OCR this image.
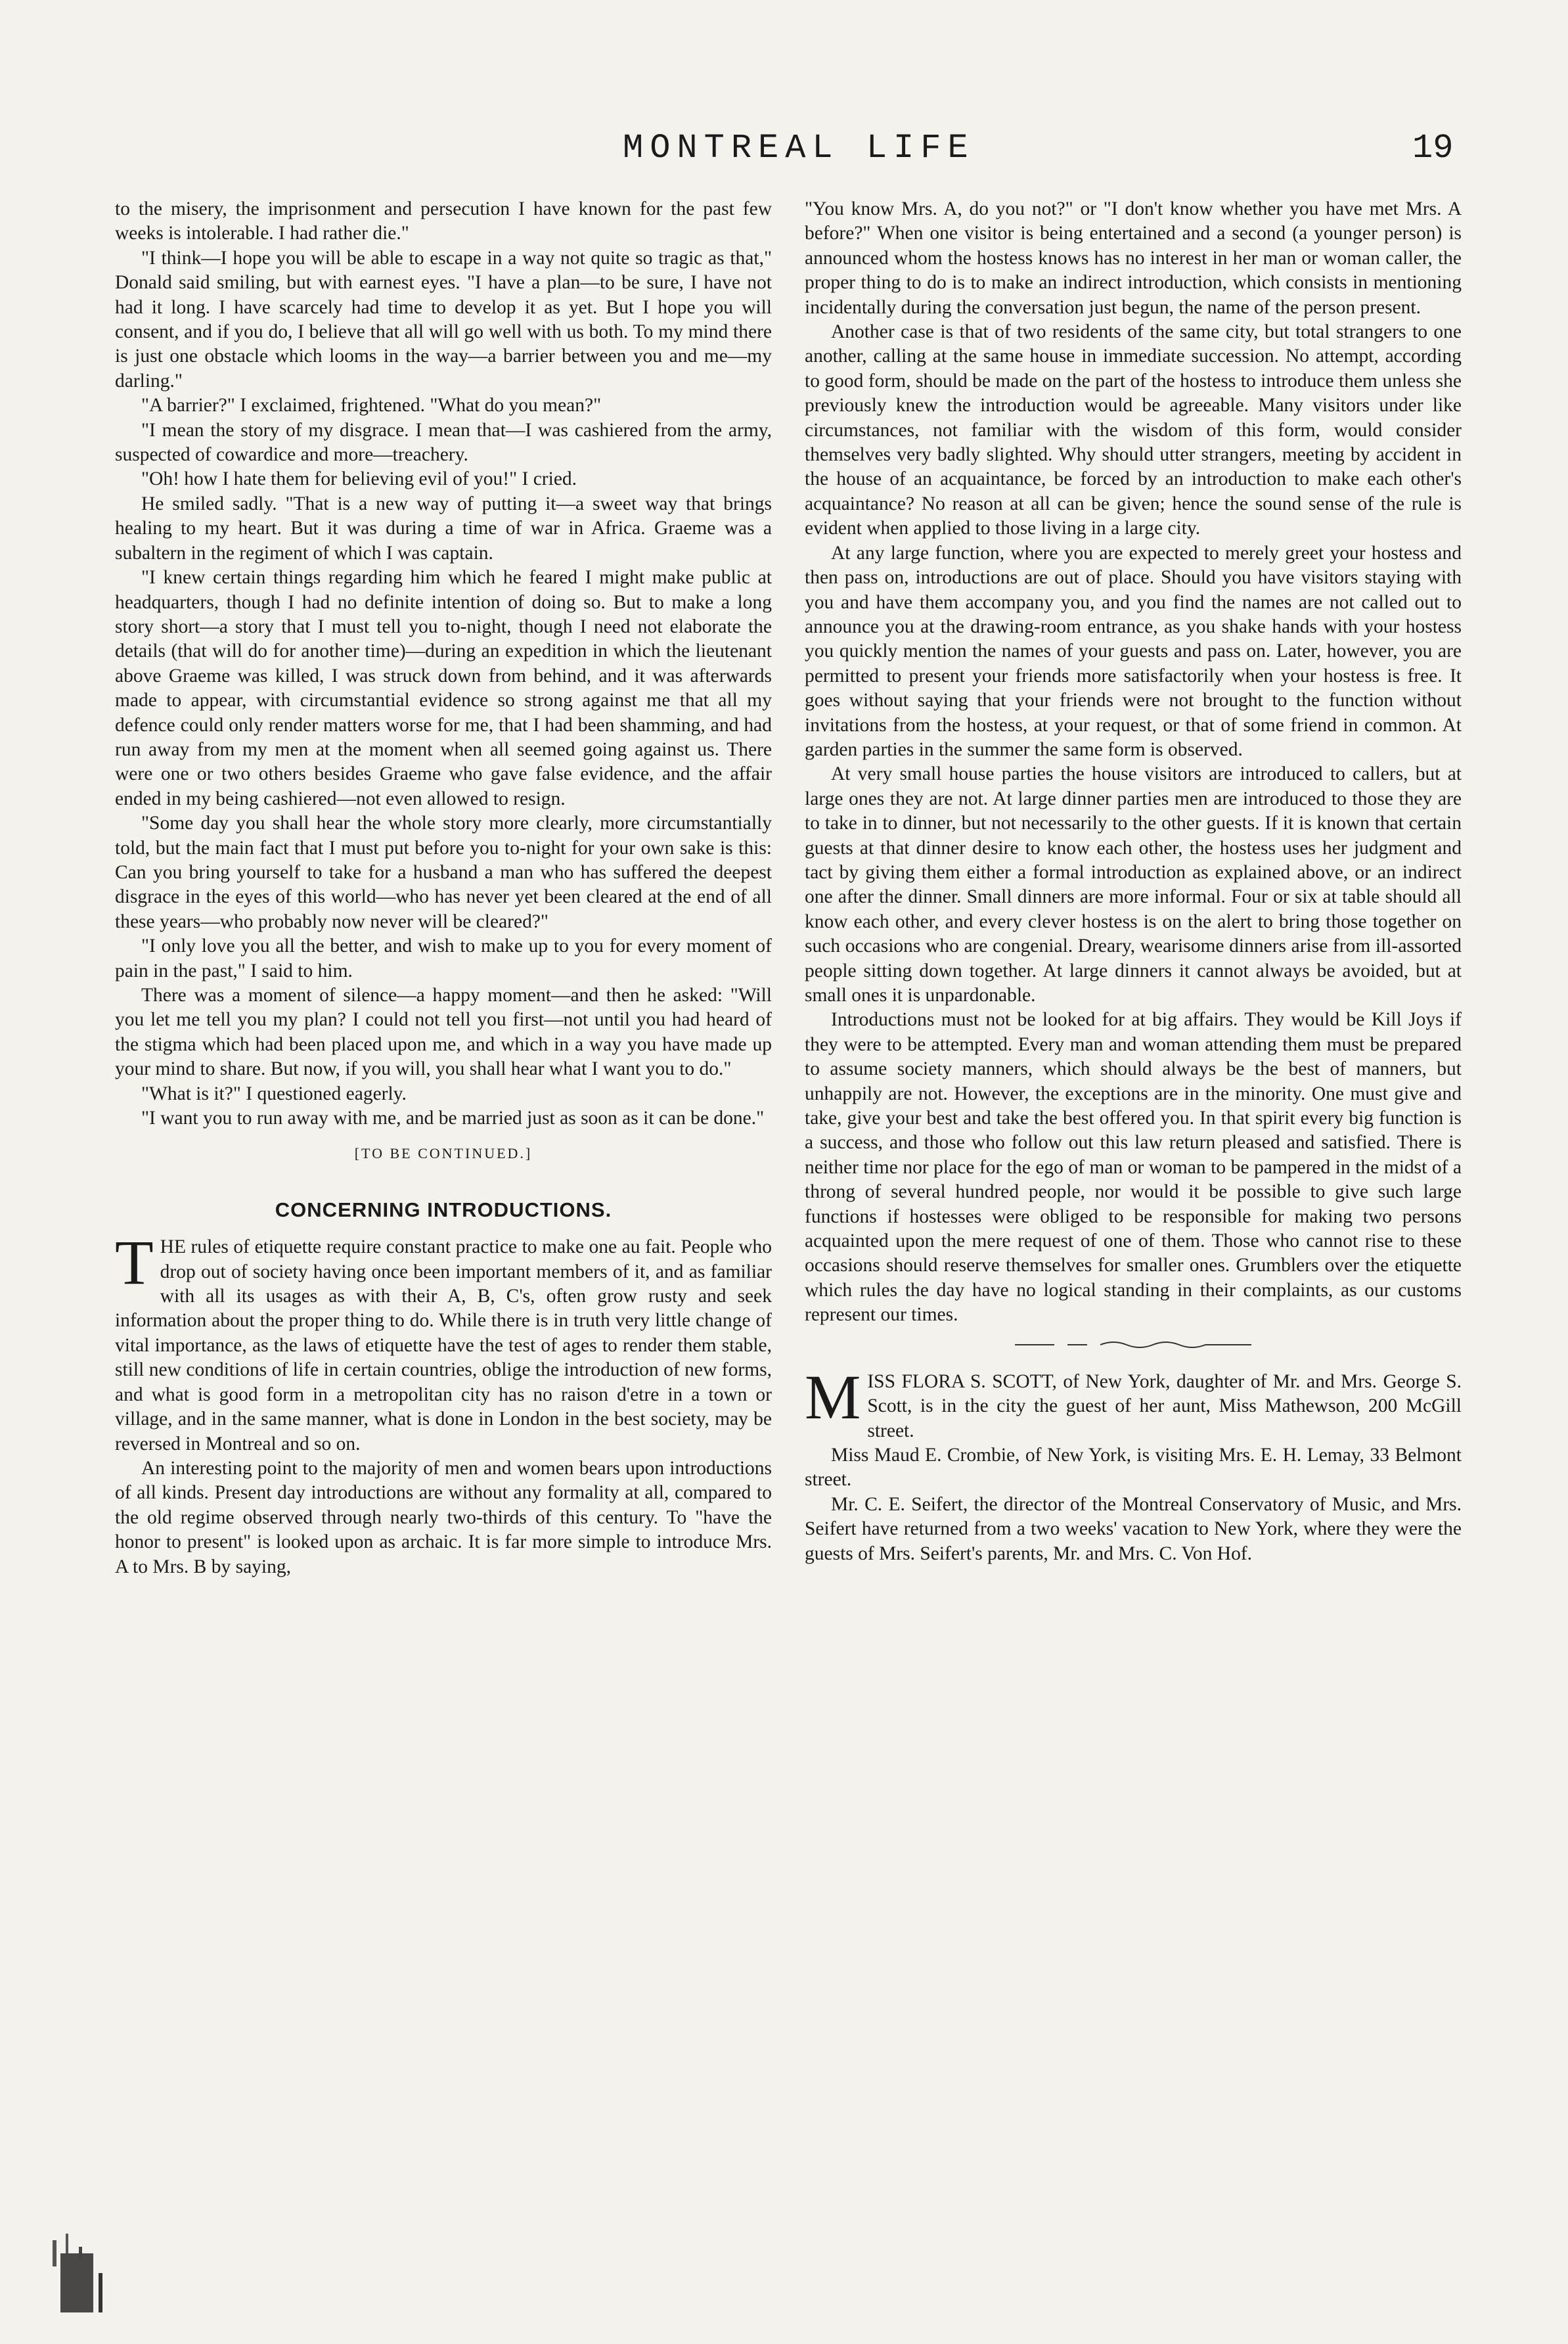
MONTREAL LIFE	19

to the misery, the imprisonment and persecution I have known for the past few weeks is intolerable. I had rather die."

"I think—I hope you will be able to escape in a way not quite so tragic as that," Donald said smiling, but with earnest eyes. "I have a plan—to be sure, I have not had it long. I have scarcely had time to develop it as yet. But I hope you will consent, and if you do, I believe that all will go well with us both. To my mind there is just one obstacle which looms in the way—a barrier between you and me—my darling."

"A barrier?" I exclaimed, frightened. "What do you mean?"

"I mean the story of my disgrace. I mean that—I was cashiered from the army, suspected of cowardice and more—treachery.

"Oh! how I hate them for believing evil of you!" I cried.

He smiled sadly. "That is a new way of putting it—a sweet way that brings healing to my heart. But it was during a time of war in Africa. Graeme was a subaltern in the regiment of which I was captain.

"I knew certain things regarding him which he feared I might make public at headquarters, though I had no definite intention of doing so. But to make a long story short—a story that I must tell you to-night, though I need not elaborate the details (that will do for another time)—during an expedition in which the lieutenant above Graeme was killed, I was struck down from behind, and it was afterwards made to appear, with circumstantial evidence so strong against me that all my defence could only render matters worse for me, that I had been shamming, and had run away from my men at the moment when all seemed going against us. There were one or two others besides Graeme who gave false evidence, and the affair ended in my being cashiered—not even allowed to resign.

"Some day you shall hear the whole story more clearly, more circumstantially told, but the main fact that I must put before you to-night for your own sake is this: Can you bring yourself to take for a husband a man who has suffered the deepest disgrace in the eyes of this world—who has never yet been cleared at the end of all these years—who probably now never will be cleared?"

"I only love you all the better, and wish to make up to you for every moment of pain in the past," I said to him.

There was a moment of silence—a happy moment—and then he asked: "Will you let me tell you my plan? I could not tell you first—not until you had heard of the stigma which had been placed upon me, and which in a way you have made up your mind to share. But now, if you will, you shall hear what I want you to do."

"What is it?" I questioned eagerly.

"I want you to run away with me, and be married just as soon as it can be done."

[TO BE CONTINUED.]
CONCERNING INTRODUCTIONS.

THE rules of etiquette require constant practice to make one au fait. People who drop out of society having once been important members of it, and as familiar with all its usages as with their A, B, C's, often grow rusty and seek information about the proper thing to do. While there is in truth very little change of vital importance, as the laws of etiquette have the test of ages to render them stable, still new conditions of life in certain countries, oblige the introduction of new forms, and what is good form in a metropolitan city has no raison d'etre in a town or village, and in the same manner, what is done in London in the best society, may be reversed in Montreal and so on.

An interesting point to the majority of men and women bears upon introductions of all kinds. Present day introductions are without any formality at all, compared to the old regime observed through nearly two-thirds of this century. To "have the honor to present" is looked upon as archaic. It is far more simple to introduce Mrs. A to Mrs. B by saying,

"You know Mrs. A, do you not?" or "I don't know whether you have met Mrs. A before?" When one visitor is being entertained and a second (a younger person) is announced whom the hostess knows has no interest in her man or woman caller, the proper thing to do is to make an indirect introduction, which consists in mentioning incidentally during the conversation just begun, the name of the person present.

Another case is that of two residents of the same city, but total strangers to one another, calling at the same house in immediate succession. No attempt, according to good form, should be made on the part of the hostess to introduce them unless she previously knew the introduction would be agreeable. Many visitors under like circumstances, not familiar with the wisdom of this form, would consider themselves very badly slighted. Why should utter strangers, meeting by accident in the house of an acquaintance, be forced by an introduction to make each other's acquaintance? No reason at all can be given; hence the sound sense of the rule is evident when applied to those living in a large city.

At any large function, where you are expected to merely greet your hostess and then pass on, introductions are out of place. Should you have visitors staying with you and have them accompany you, and you find the names are not called out to announce you at the drawing-room entrance, as you shake hands with your hostess you quickly mention the names of your guests and pass on. Later, however, you are permitted to present your friends more satisfactorily when your hostess is free. It goes without saying that your friends were not brought to the function without invitations from the hostess, at your request, or that of some friend in common. At garden parties in the summer the same form is observed.

At very small house parties the house visitors are introduced to callers, but at large ones they are not. At large dinner parties men are introduced to those they are to take in to dinner, but not necessarily to the other guests. If it is known that certain guests at that dinner desire to know each other, the hostess uses her judgment and tact by giving them either a formal introduction as explained above, or an indirect one after the dinner. Small dinners are more informal. Four or six at table should all know each other, and every clever hostess is on the alert to bring those together on such occasions who are congenial. Dreary, wearisome dinners arise from ill-assorted people sitting down together. At large dinners it cannot always be avoided, but at small ones it is unpardonable.

Introductions must not be looked for at big affairs. They would be Kill Joys if they were to be attempted. Every man and woman attending them must be prepared to assume society manners, which should always be the best of manners, but unhappily are not. However, the exceptions are in the minority. One must give and take, give your best and take the best offered you. In that spirit every big function is a success, and those who follow out this law return pleased and satisfied. There is neither time nor place for the ego of man or woman to be pampered in the midst of a throng of several hundred people, nor would it be possible to give such large functions if hostesses were obliged to be responsible for making two persons acquainted upon the mere request of one of them. Those who cannot rise to these occasions should reserve themselves for smaller ones. Grumblers over the etiquette which rules the day have no logical standing in their complaints, as our customs represent our times.

MISS FLORA S. SCOTT, of New York, daughter of Mr. and Mrs. George S. Scott, is in the city the guest of her aunt, Miss Mathewson, 200 McGill street.

Miss Maud E. Crombie, of New York, is visiting Mrs. E. H. Lemay, 33 Belmont street.

Mr. C. E. Seifert, the director of the Montreal Conservatory of Music, and Mrs. Seifert have returned from a two weeks' vacation to New York, where they were the guests of Mrs. Seifert's parents, Mr. and Mrs. C. Von Hof.
